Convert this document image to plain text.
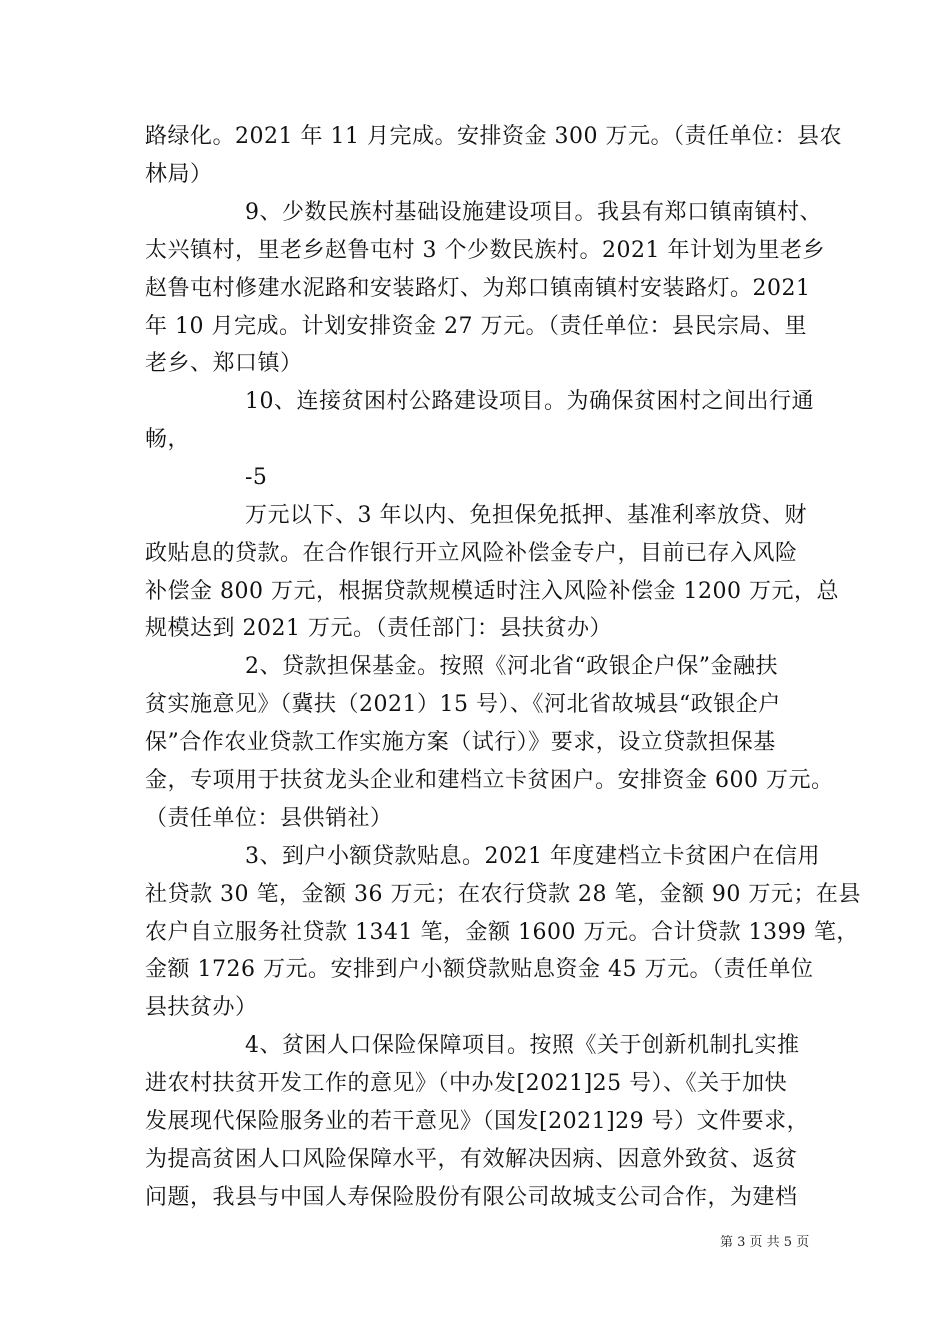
路绿化。2021 年 11 月完成。安排资金 300 万元。（责任单位：县农
林局）
9、少数民族村基础设施建设项目。我县有郑口镇南镇村、
太兴镇村，里老乡赵鲁屯村 3 个少数民族村。2021 年计划为里老乡
赵鲁屯村修建水泥路和安装路灯、为郑口镇南镇村安装路灯。2021
年 10 月完成。计划安排资金 27 万元。（责任单位：县民宗局、里
老乡、郑口镇）
10、连接贫困村公路建设项目。为确保贫困村之间出行通
畅，
-5
万元以下、3 年以内、免担保免抵押、基准利率放贷、财
政贴息的贷款。在合作银行开立风险补偿金专户，目前已存入风险
补偿金 800 万元，根据贷款规模适时注入风险补偿金 1200 万元，总
规模达到 2021 万元。（责任部门：县扶贫办）
2、贷款担保基金。按照《河北省“政银企户保”金融扶
贫实施意见》（冀扶（2021）15 号）、《河北省故城县“政银企户
保”合作农业贷款工作实施方案（试行）》要求，设立贷款担保基
金，专项用于扶贫龙头企业和建档立卡贫困户。安排资金 600 万元。
（责任单位：县供销社）
3、到户小额贷款贴息。2021 年度建档立卡贫困户在信用
社贷款 30 笔，金额 36 万元；在农行贷款 28 笔，金额 90 万元；在县
农户自立服务社贷款 1341 笔，金额 1600 万元。合计贷款 1399 笔，
金额 1726 万元。安排到户小额贷款贴息资金 45 万元。（责任单位
县扶贫办）
4、贫困人口保险保障项目。按照《关于创新机制扎实推
进农村扶贫开发工作的意见》（中办发[2021]25 号）、《关于加快
发展现代保险服务业的若干意见》（国发[2021]29 号）文件要求，
为提高贫困人口风险保障水平，有效解决因病、因意外致贫、返贫
问题，我县与中国人寿保险股份有限公司故城支公司合作，为建档
第 3 页 共 5 页
